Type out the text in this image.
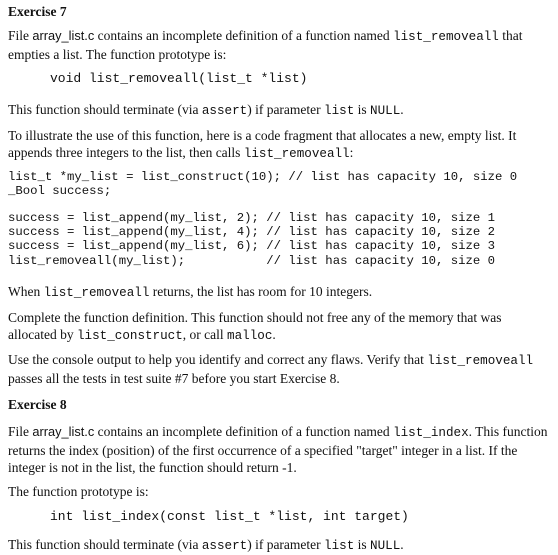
Exercise 7
File array_list.c contains an incomplete definition of a function named list_removeall that empties a list. The function prototype is:
void list_removeall(list_t *list)
This function should terminate (via assert) if parameter list is NULL.
To illustrate the use of this function, here is a code fragment that allocates a new, empty list. It appends three integers to the list, then calls list_removeall:
list_t *my_list = list_construct(10); // list has capacity 10, size 0
_Bool success;
success = list_append(my_list, 2); // list has capacity 10, size 1
success = list_append(my_list, 4); // list has capacity 10, size 2
success = list_append(my_list, 6); // list has capacity 10, size 3
list_removeall(my_list);           // list has capacity 10, size 0
When list_removeall returns, the list has room for 10 integers.
Complete the function definition. This function should not free any of the memory that was allocated by list_construct, or call malloc.
Use the console output to help you identify and correct any flaws. Verify that list_removeall passes all the tests in test suite #7 before you start Exercise 8.
Exercise 8
File array_list.c contains an incomplete definition of a function named list_index. This function returns the index (position) of the first occurrence of a specified "target" integer in a list. If the integer is not in the list, the function should return -1.
The function prototype is:
int list_index(const list_t *list, int target)
This function should terminate (via assert) if parameter list is NULL.
